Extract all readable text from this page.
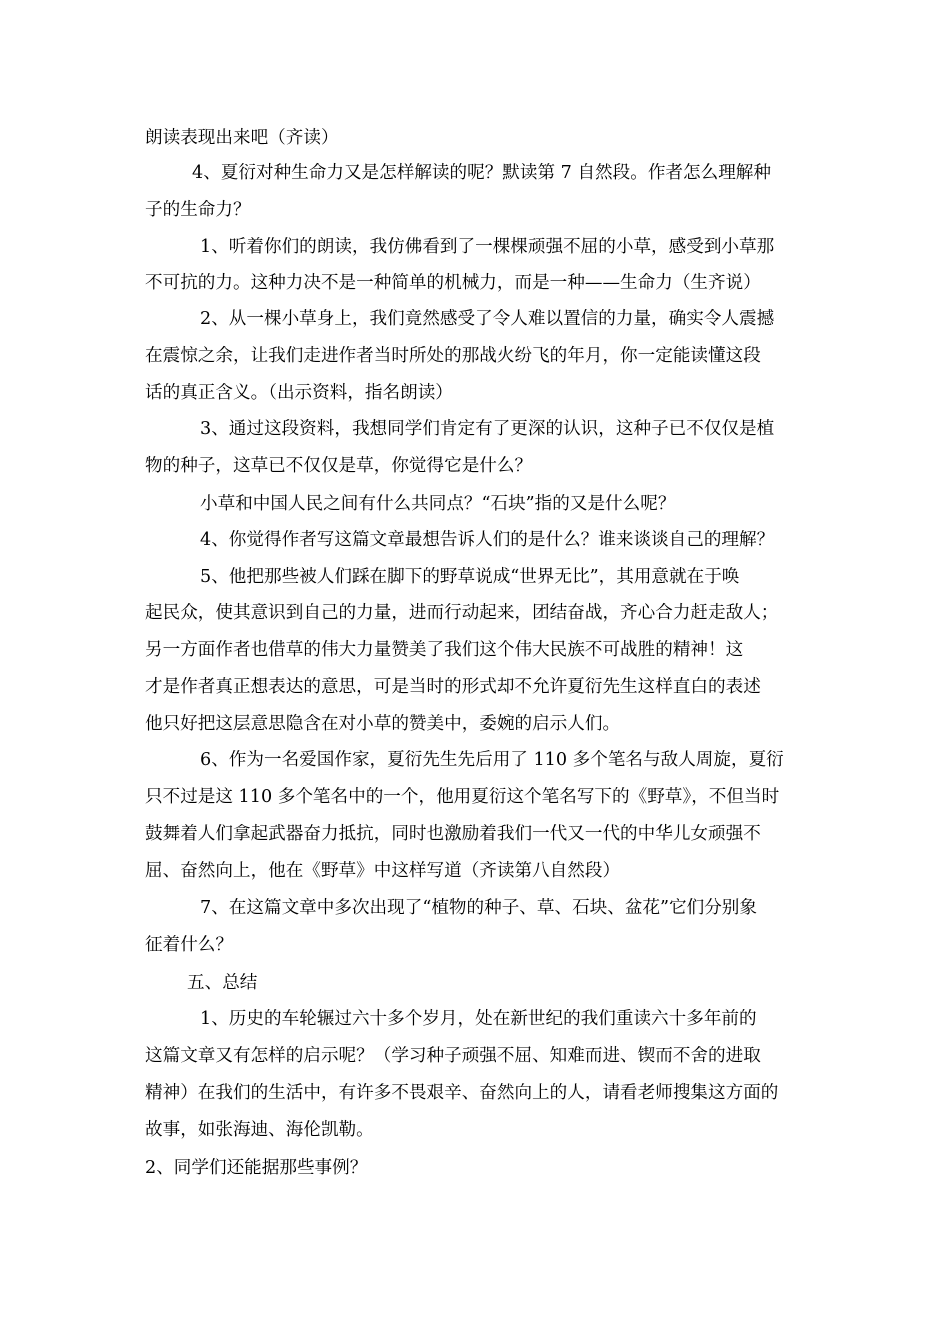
朗读表现出来吧（齐读）
4、夏衍对种生命力又是怎样解读的呢？默读第 7 自然段。作者怎么理解种
子的生命力？
1、听着你们的朗读，我仿佛看到了一棵棵顽强不屈的小草，感受到小草那
不可抗的力。这种力决不是一种简单的机械力，而是一种——生命力（生齐说）
2、从一棵小草身上，我们竟然感受了令人难以置信的力量，确实令人震撼
在震惊之余，让我们走进作者当时所处的那战火纷飞的年月，你一定能读懂这段
话的真正含义。（出示资料，指名朗读）
3、通过这段资料，我想同学们肯定有了更深的认识，这种子已不仅仅是植
物的种子，这草已不仅仅是草，你觉得它是什么？
小草和中国人民之间有什么共同点？“石块”指的又是什么呢？
4、你觉得作者写这篇文章最想告诉人们的是什么？谁来谈谈自己的理解？
5、他把那些被人们踩在脚下的野草说成“世界无比”，其用意就在于唤
起民众，使其意识到自己的力量，进而行动起来，团结奋战，齐心合力赶走敌人；
另一方面作者也借草的伟大力量赞美了我们这个伟大民族不可战胜的精神！这
才是作者真正想表达的意思，可是当时的形式却不允许夏衍先生这样直白的表述
他只好把这层意思隐含在对小草的赞美中，委婉的启示人们。
6、作为一名爱国作家，夏衍先生先后用了 110 多个笔名与敌人周旋，夏衍
只不过是这 110 多个笔名中的一个，他用夏衍这个笔名写下的《野草》，不但当时
鼓舞着人们拿起武器奋力抵抗，同时也激励着我们一代又一代的中华儿女顽强不
屈、奋然向上，他在《野草》中这样写道（齐读第八自然段）
7、在这篇文章中多次出现了“植物的种子、草、石块、盆花”它们分别象
征着什么？
五、总结
1、历史的车轮辗过六十多个岁月，处在新世纪的我们重读六十多年前的
这篇文章又有怎样的启示呢？（学习种子顽强不屈、知难而进、锲而不舍的进取
精神）在我们的生活中，有许多不畏艰辛、奋然向上的人，请看老师搜集这方面的
故事，如张海迪、海伦凯勒。
2、同学们还能据那些事例？
